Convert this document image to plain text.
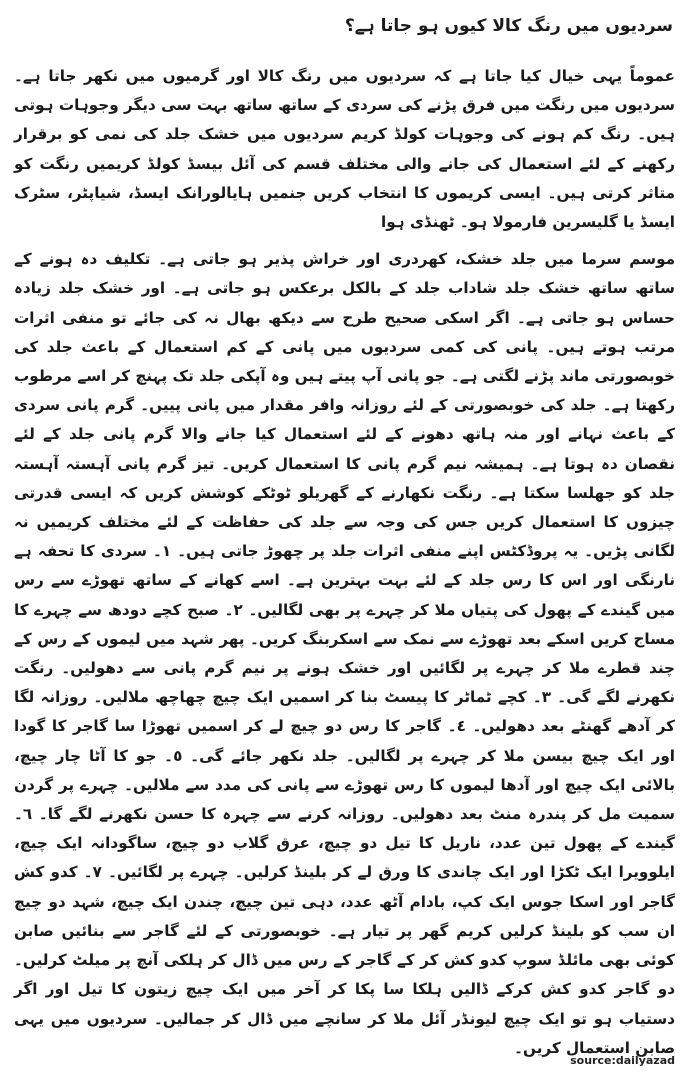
سردیوں میں رنگ کالا کیوں ہو جاتا ہے؟

عموماً یہی خیال کیا جاتا ہے کہ سردیوں میں رنگ کالا اور گرمیوں میں نکھر جاتا ہے۔ سردیوں میں رنگت میں فرق پڑنے کی سردی کے ساتھ ساتھ بہت سی دیگر وجوہات ہوتی ہیں۔ رنگ کم ہونے کی وجوہات کولڈ کریم سردیوں میں خشک جلد کی نمی کو برقرار رکھنے کے لئے استعمال کی جانے والی مختلف قسم کی آئل بیسڈ کولڈ کریمیں رنگت کو متاثر کرتی ہیں۔ ایسی کریموں کا انتخاب کریں جنمیں ہایالورانک ایسڈ، شیاپٹر، سٹرک ایسڈ یا گلیسرین فارمولا ہو۔ ٹھنڈی ہوا

موسم سرما میں جلد خشک، کھردری اور خراش پذیر ہو جاتی ہے۔ تکلیف دہ ہونے کے ساتھ ساتھ خشک جلد شاداب جلد کے بالکل برعکس ہو جاتی ہے۔ اور خشک جلد زیادہ حساس ہو جاتی ہے۔ اگر اسکی صحیح طرح سے دیکھ بھال نہ کی جائے تو منفی اثرات مرتب ہوتے ہیں۔ پانی کی کمی سردیوں میں پانی کے کم استعمال کے باعث جلد کی خوبصورتی ماند پڑنے لگتی ہے۔ جو پانی آپ پیتے ہیں وہ آپکی جلد تک پہنچ کر اسے مرطوب رکھتا ہے۔ جلد کی خوبصورتی کے لئے روزانہ وافر مقدار میں پانی پییں۔ گرم پانی سردی کے باعث نہانے اور منہ ہاتھ دھونے کے لئے استعمال کیا جانے والا گرم پانی جلد کے لئے نقصان دہ ہوتا ہے۔ ہمیشہ نیم گرم پانی کا استعمال کریں۔ تیز گرم پانی آہستہ آہستہ جلد کو جھلسا سکتا ہے۔ رنگت نکھارنے کے گھریلو ٹوٹکے کوشش کریں کہ ایسی قدرتی چیزوں کا استعمال کریں جس کی وجہ سے جلد کی حفاظت کے لئے مختلف کریمیں نہ لگانی پڑیں۔ یہ پروڈکٹس اپنے منفی اثرات جلد پر چھوڑ جاتی ہیں۔ ١۔ سردی کا تحفہ ہے نارنگی اور اس کا رس جلد کے لئے بہت بہترین ہے۔ اسے کھانے کے ساتھ تھوڑے سے رس میں گیندے کے پھول کی پتیاں ملا کر چہرے پر بھی لگالیں۔ ٢۔ صبح کچے دودھ سے چہرے کا مساج کریں اسکے بعد تھوڑے سے نمک سے اسکربنگ کریں۔ پھر شہد میں لیموں کے رس کے چند قطرے ملا کر چہرے پر لگائیں اور خشک ہونے پر نیم گرم پانی سے دھولیں۔ رنگت نکھرنے لگے گی۔ ٣۔ کچے ٹماٹر کا پیسٹ بنا کر اسمیں ایک چیچ چھاچھ ملالیں۔ روزانہ لگا کر آدھے گھنٹے بعد دھولیں۔ ٤۔ گاجر کا رس دو چیچ لے کر اسمیں تھوڑا سا گاجر کا گودا اور ایک چیچ بیسن ملا کر چہرے پر لگالیں۔ جلد نکھر جائے گی۔ ٥۔ جو کا آٹا چار چیچ، بالائی ایک چیچ اور آدھا لیموں کا رس تھوڑے سے پانی کی مدد سے ملالیں۔ چہرے پر گردن سمیت مل کر پندرہ منٹ بعد دھولیں۔ روزانہ کرنے سے چہرہ کا حسن نکھرنے لگے گا۔ ٦۔ گیندے کے پھول تین عدد، ناریل کا تیل دو چیچ، عرق گلاب دو چیچ، ساگودانہ ایک چیچ، ایلوویرا ایک ٹکڑا اور ایک چاندی کا ورق لے کر بلینڈ کرلیں۔ چہرے پر لگائیں۔ ٧۔ کدو کش گاجر اور اسکا جوس ایک کپ، بادام آٹھ عدد، دہی تین چیچ، چندن ایک چیچ، شہد دو چیچ ان سب کو بلینڈ کرلیں کریم گھر پر تیار ہے۔ خوبصورتی کے لئے گاجر سے بنائیں صابن کوئی بھی مائلڈ سوپ کدو کش کر کے گاجر کے رس میں ڈال کر ہلکی آنچ پر میلٹ کرلیں۔ دو گاجر کدو کش کرکے ڈالیں ہلکا سا پکا کر آخر میں ایک چیچ زیتون کا تیل اور اگر دستیاب ہو تو ایک چیچ لیونڈر آئل ملا کر سانچے میں ڈال کر جمالیں۔ سردیوں میں یہی صابن استعمال کریں۔

source:dailyazad
